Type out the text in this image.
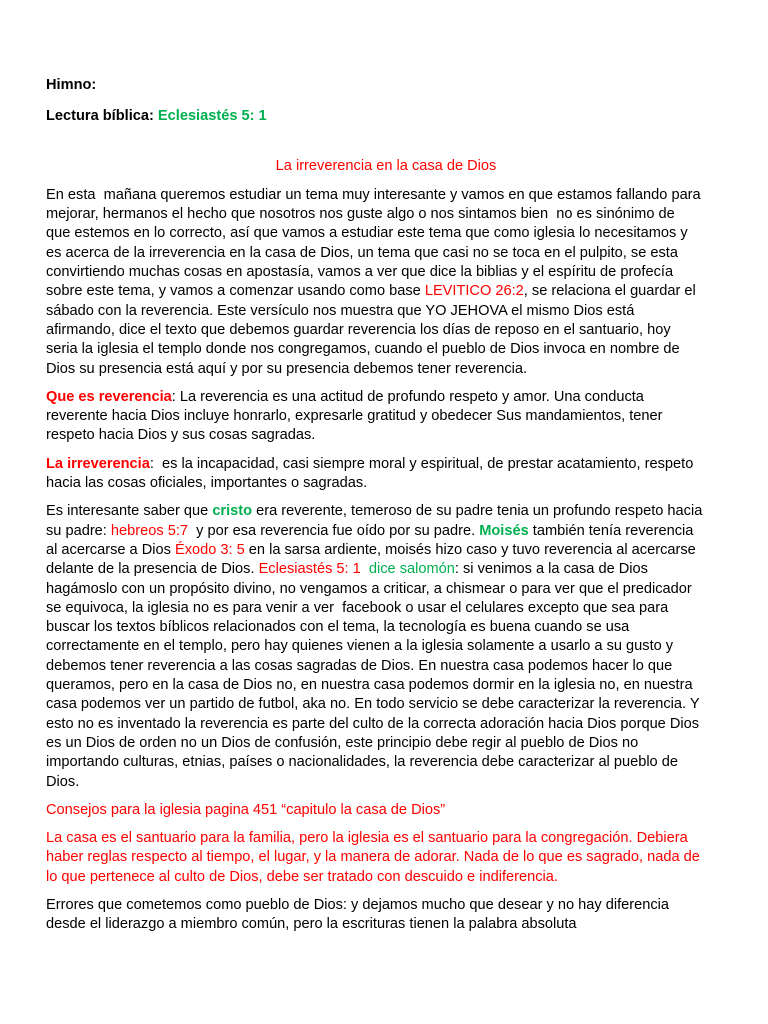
Himno:

Lectura bíblica: Eclesiastés 5: 1

La irreverencia en la casa de Dios

En esta  mañana queremos estudiar un tema muy interesante y vamos en que estamos fallando para
mejorar, hermanos el hecho que nosotros nos guste algo o nos sintamos bien  no es sinónimo de
que estemos en lo correcto, así que vamos a estudiar este tema que como iglesia lo necesitamos y
es acerca de la irreverencia en la casa de Dios, un tema que casi no se toca en el pulpito, se esta
convirtiendo muchas cosas en apostasía, vamos a ver que dice la biblias y el espíritu de profecía
sobre este tema, y vamos a comenzar usando como base LEVITICO 26:2, se relaciona el guardar el
sábado con la reverencia. Este versículo nos muestra que YO JEHOVA el mismo Dios está
afirmando, dice el texto que debemos guardar reverencia los días de reposo en el santuario, hoy
seria la iglesia el templo donde nos congregamos, cuando el pueblo de Dios invoca en nombre de
Dios su presencia está aquí y por su presencia debemos tener reverencia.
Que es reverencia: La reverencia es una actitud de profundo respeto y amor. Una conducta
reverente hacia Dios incluye honrarlo, expresarle gratitud y obedecer Sus mandamientos, tener
respeto hacia Dios y sus cosas sagradas.
La irreverencia:  es la incapacidad, casi siempre moral y espiritual, de prestar acatamiento, respeto
hacia las cosas oficiales, importantes o sagradas.
Es interesante saber que cristo era reverente, temeroso de su padre tenia un profundo respeto hacia
su padre: hebreos 5:7  y por esa reverencia fue oído por su padre. Moisés también tenía reverencia
al acercarse a Dios Éxodo 3: 5 en la sarsa ardiente, moisés hizo caso y tuvo reverencia al acercarse
delante de la presencia de Dios. Eclesiastés 5: 1  dice salomón: si venimos a la casa de Dios
hagámoslo con un propósito divino, no vengamos a criticar, a chismear o para ver que el predicador
se equivoca, la iglesia no es para venir a ver  facebook o usar el celulares excepto que sea para
buscar los textos bíblicos relacionados con el tema, la tecnología es buena cuando se usa
correctamente en el templo, pero hay quienes vienen a la iglesia solamente a usarlo a su gusto y
debemos tener reverencia a las cosas sagradas de Dios. En nuestra casa podemos hacer lo que
queramos, pero en la casa de Dios no, en nuestra casa podemos dormir en la iglesia no, en nuestra
casa podemos ver un partido de futbol, aka no. En todo servicio se debe caracterizar la reverencia. Y
esto no es inventado la reverencia es parte del culto de la correcta adoración hacia Dios porque Dios
es un Dios de orden no un Dios de confusión, este principio debe regir al pueblo de Dios no
importando culturas, etnias, países o nacionalidades, la reverencia debe caracterizar al pueblo de
Dios.

Consejos para la iglesia pagina 451 “capitulo la casa de Dios”

La casa es el santuario para la familia, pero la iglesia es el santuario para la congregación. Debiera
haber reglas respecto al tiempo, el lugar, y la manera de adorar. Nada de lo que es sagrado, nada de
lo que pertenece al culto de Dios, debe ser tratado con descuido e indiferencia.
Errores que cometemos como pueblo de Dios: y dejamos mucho que desear y no hay diferencia
desde el liderazgo a miembro común, pero la escrituras tienen la palabra absoluta
